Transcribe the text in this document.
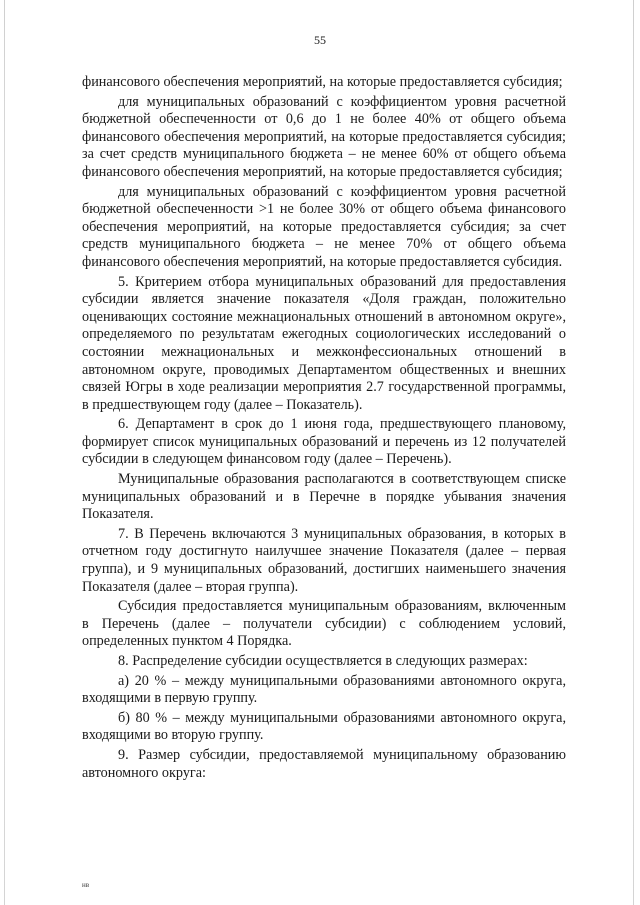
55

финансового обеспечения мероприятий, на которые предоставляется субсидия;

для муниципальных образований с коэффициентом уровня расчетной бюджетной обеспеченности от 0,6 до 1 не более 40% от общего объема финансового обеспечения мероприятий, на которые предоставляется субсидия; за счет средств муниципального бюджета – не менее 60% от общего объема финансового обеспечения мероприятий, на которые предоставляется субсидия;

для муниципальных образований с коэффициентом уровня расчетной бюджетной обеспеченности >1 не более 30% от общего объема финансового обеспечения мероприятий, на которые предоставляется субсидия; за счет средств муниципального бюджета – не менее 70% от общего объема финансового обеспечения мероприятий, на которые предоставляется субсидия.

5. Критерием отбора муниципальных образований для предоставления субсидии является значение показателя «Доля граждан, положительно оценивающих состояние межнациональных отношений в автономном округе», определяемого по результатам ежегодных социологических исследований о состоянии межнациональных и межконфессиональных отношений в автономном округе, проводимых Департаментом общественных и внешних связей Югры в ходе реализации мероприятия 2.7 государственной программы, в предшествующем году (далее – Показатель).

6. Департамент в срок до 1 июня года, предшествующего плановому, формирует список муниципальных образований и перечень из 12 получателей субсидии в следующем финансовом году (далее – Перечень).

Муниципальные образования располагаются в соответствующем списке муниципальных образований и в Перечне в порядке убывания значения Показателя.

7. В Перечень включаются 3 муниципальных образования, в которых в отчетном году достигнуто наилучшее значение Показателя (далее – первая группа), и 9 муниципальных образований, достигших наименьшего значения Показателя (далее – вторая группа).

Субсидия предоставляется муниципальным образованиям, включенным в Перечень (далее – получатели субсидии) с соблюдением условий, определенных пунктом 4 Порядка.

8. Распределение субсидии осуществляется в следующих размерах:

а) 20 % – между муниципальными образованиями автономного округа, входящими в первую группу.

б) 80 % – между муниципальными образованиями автономного округа, входящими во вторую группу.

9. Размер субсидии, предоставляемой муниципальному образованию автономного округа:

нв
